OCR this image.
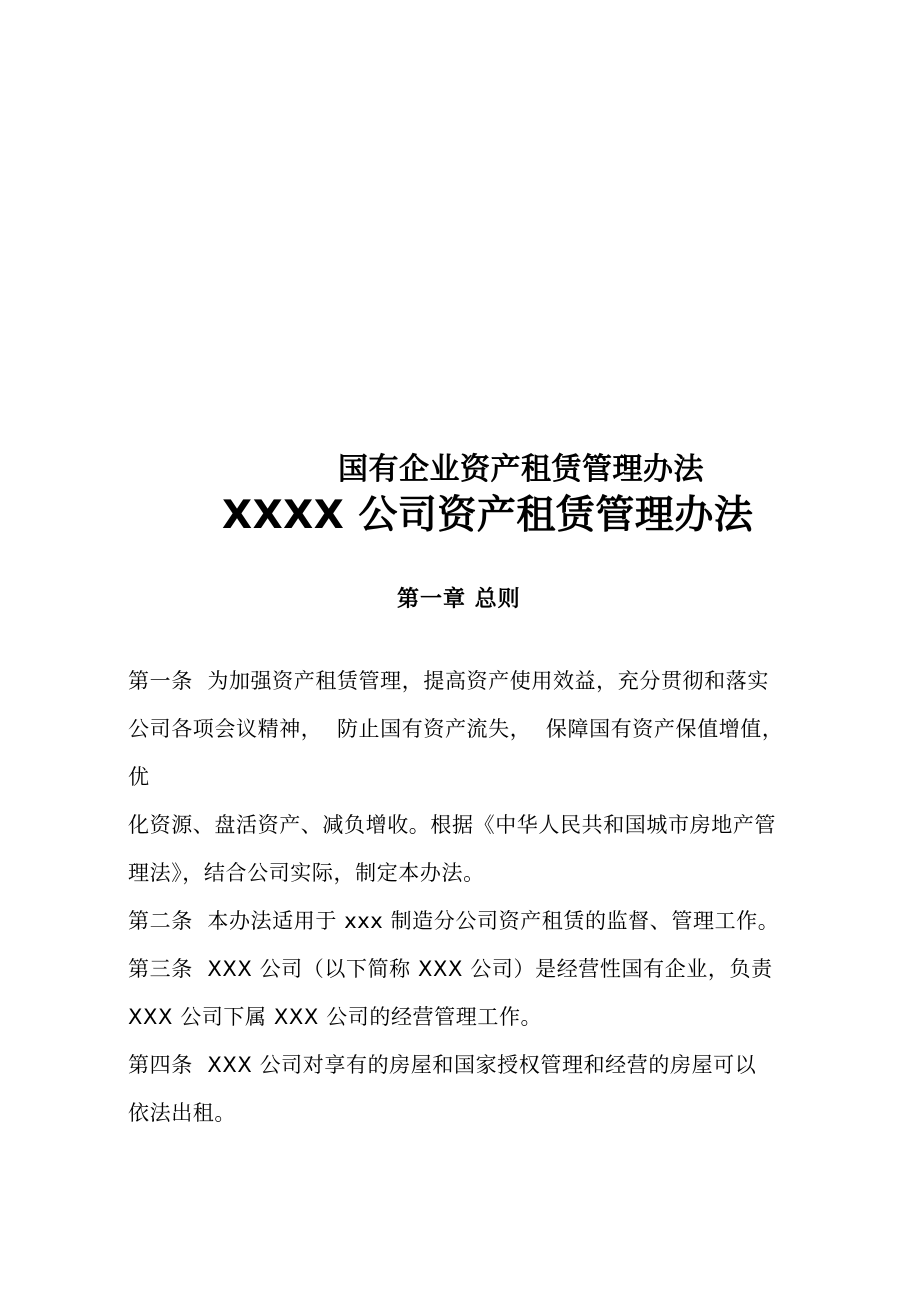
国有企业资产租赁管理办法
XXXX 公司资产租赁管理办法
第一章 总则
第一条  为加强资产租赁管理，提高资产使用效益，充分贯彻和落实
公司各项会议精神，  防止国有资产流失，  保障国有资产保值增值，
优
化资源、盘活资产、减负增收。根据《中华人民共和国城市房地产管
理法》，结合公司实际，制定本办法。
第二条  本办法适用于 xxx 制造分公司资产租赁的监督、管理工作。
第三条  XXX 公司（以下简称 XXX 公司）是经营性国有企业，负责
XXX 公司下属 XXX 公司的经营管理工作。
第四条  XXX 公司对享有的房屋和国家授权管理和经营的房屋可以
依法出租。
